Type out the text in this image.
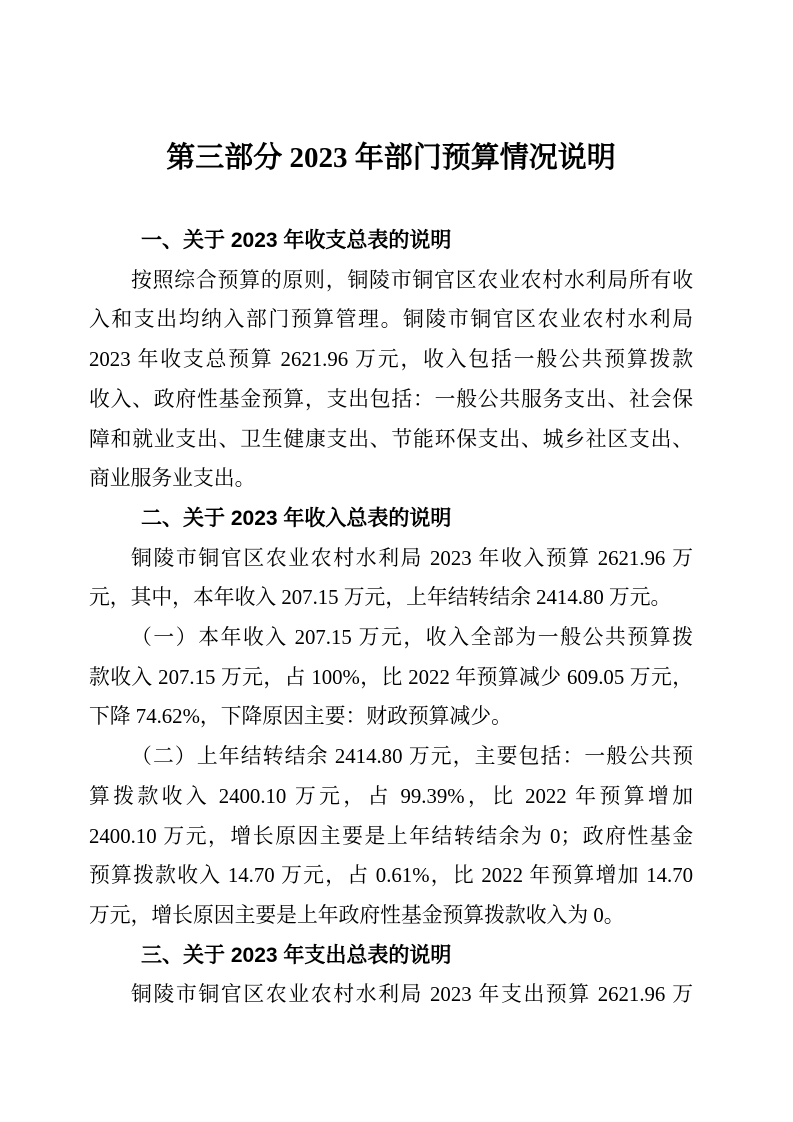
第三部分 2023 年部门预算情况说明
一、关于 2023 年收支总表的说明
按照综合预算的原则，铜陵市铜官区农业农村水利局所有收
入和支出均纳入部门预算管理。铜陵市铜官区农业农村水利局
2023 年收支总预算 2621.96 万元，收入包括一般公共预算拨款
收入、政府性基金预算，支出包括：一般公共服务支出、社会保
障和就业支出、卫生健康支出、节能环保支出、城乡社区支出、
商业服务业支出。
二、关于 2023 年收入总表的说明
铜陵市铜官区农业农村水利局 2023 年收入预算 2621.96 万
元，其中，本年收入 207.15 万元，上年结转结余 2414.80 万元。
（一）本年收入 207.15 万元，收入全部为一般公共预算拨
款收入 207.15 万元，占 100%，比 2022 年预算减少 609.05 万元，
下降 74.62%，下降原因主要：财政预算减少。
（二）上年结转结余 2414.80 万元，主要包括：一般公共预
算拨款收入 2400.10 万元，占 99.39%，比 2022 年预算增加
2400.10 万元，增长原因主要是上年结转结余为 0；政府性基金
预算拨款收入 14.70 万元，占 0.61%，比 2022 年预算增加 14.70
万元，增长原因主要是上年政府性基金预算拨款收入为 0。
三、关于 2023 年支出总表的说明
铜陵市铜官区农业农村水利局 2023 年支出预算 2621.96 万
